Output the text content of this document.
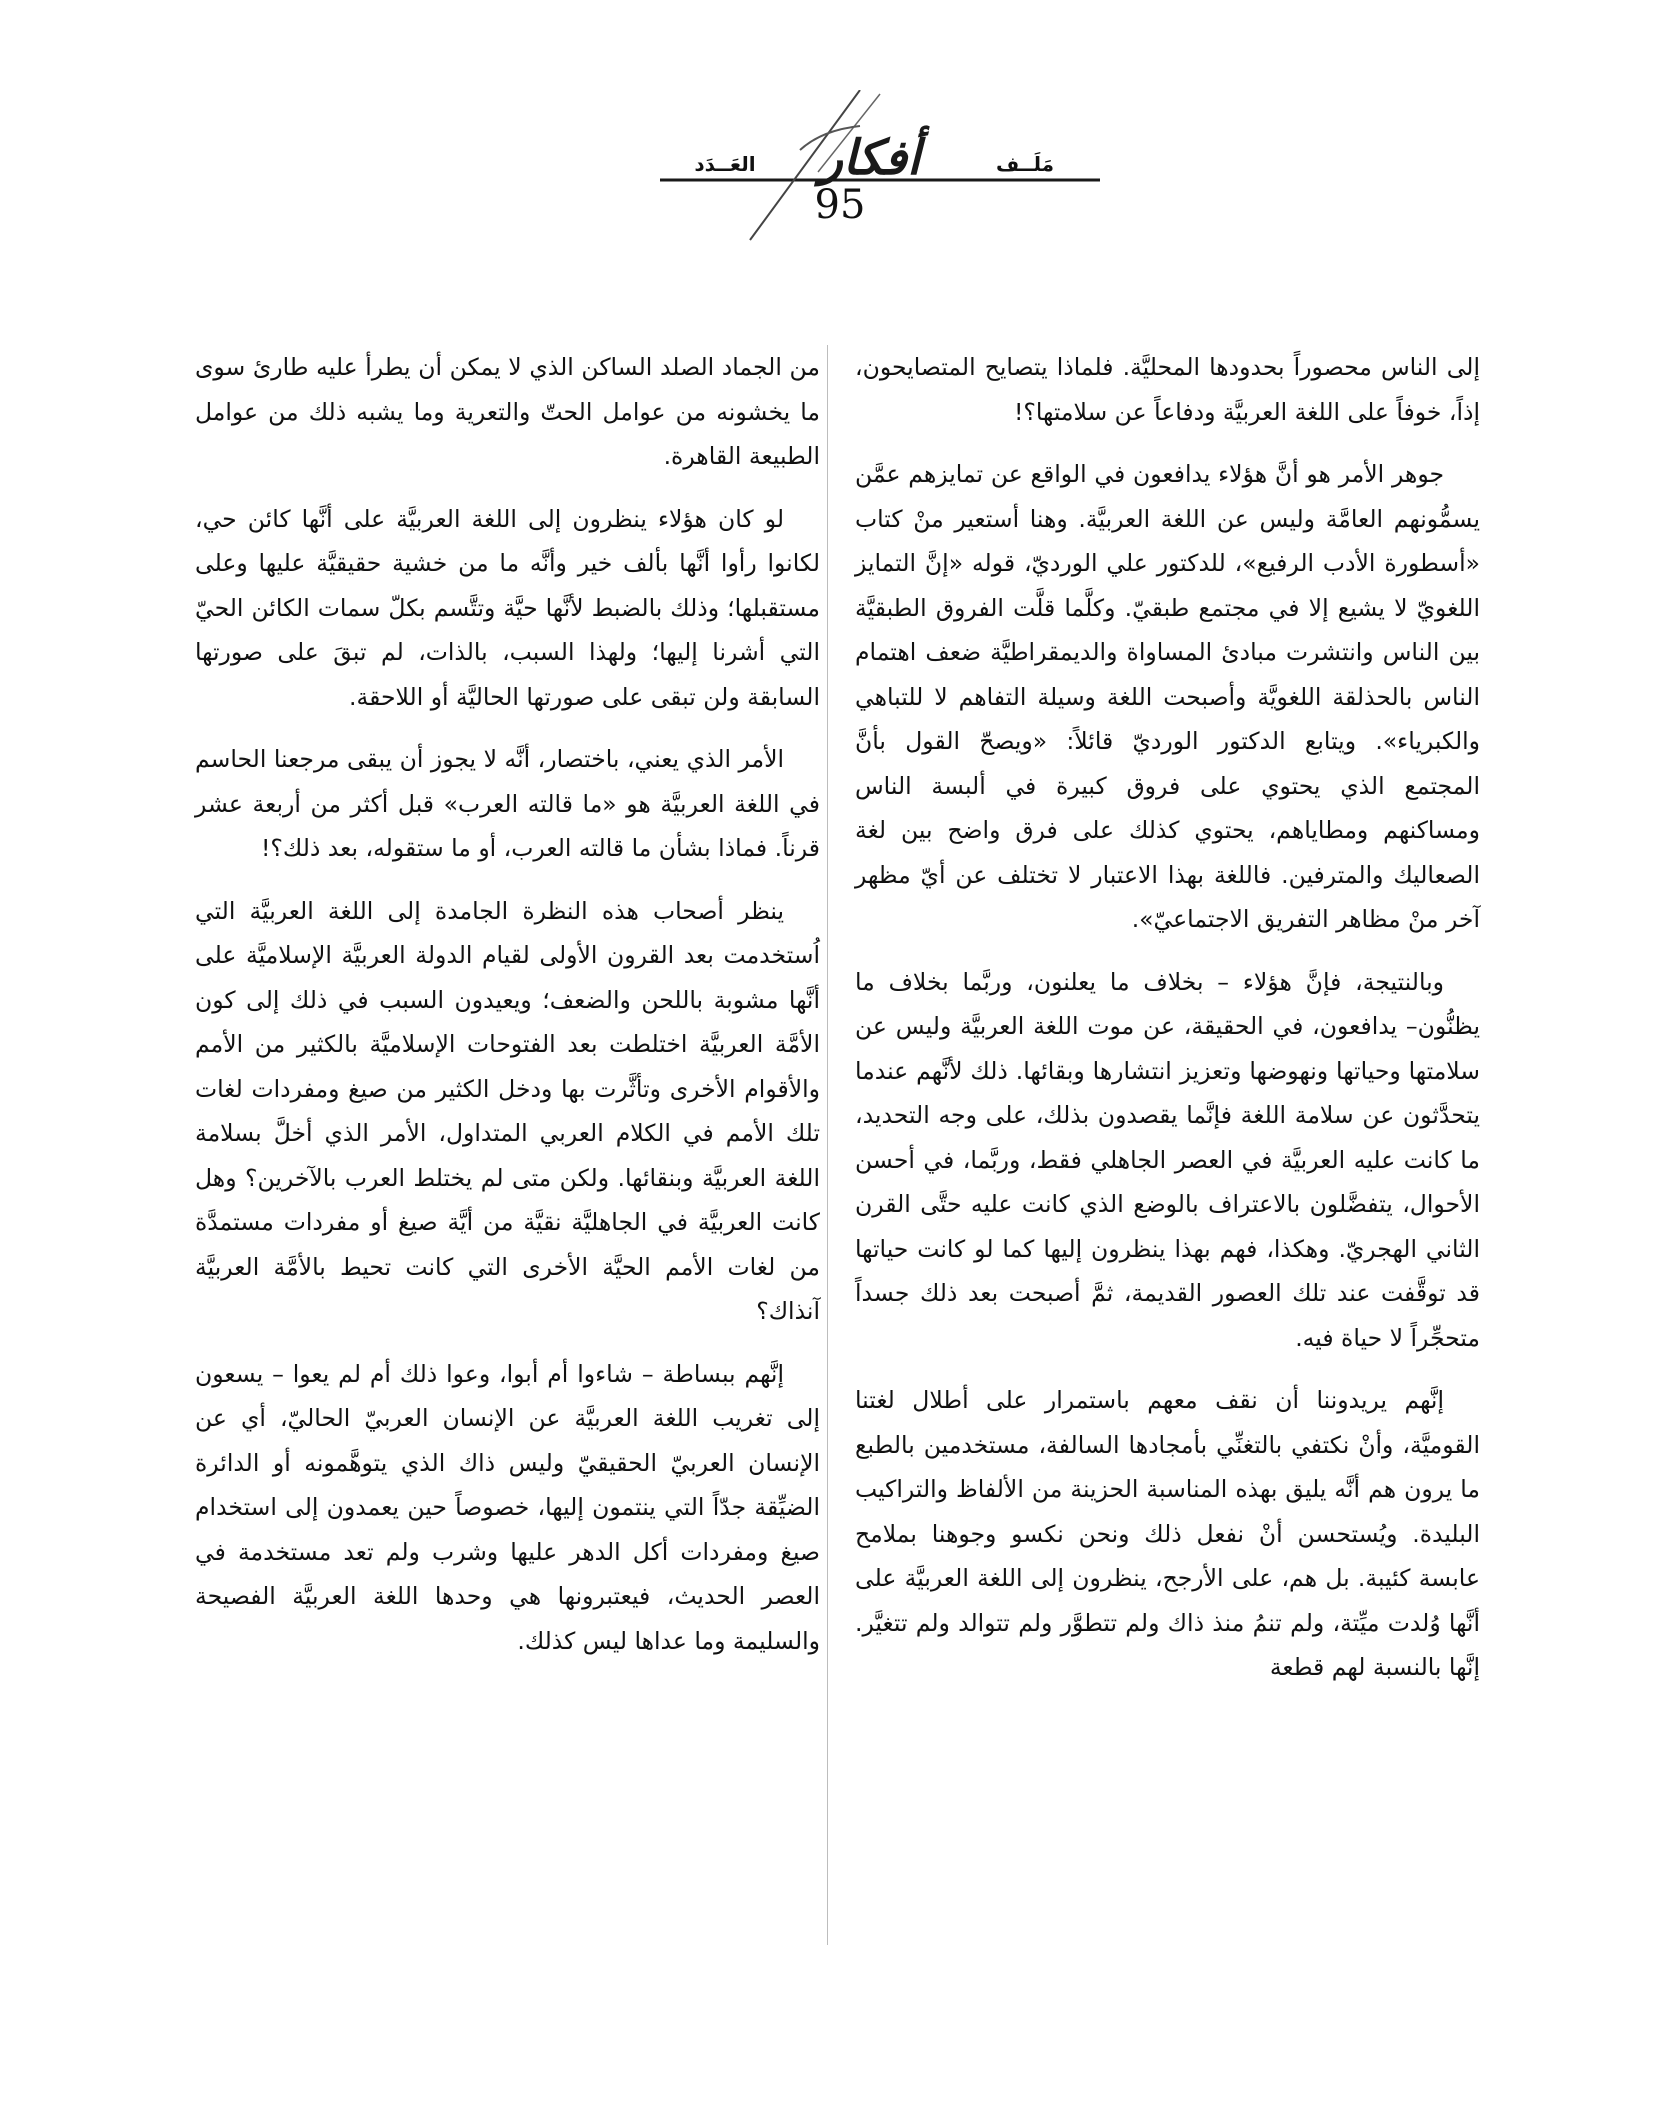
أفكار	مَلَــف
العَــدَد
95

إلى الناس محصوراً بحدودها المحليَّة. فلماذا يتصايح المتصايحون، إذاً، خوفاً على اللغة العربيَّة ودفاعاً عن سلامتها؟!

جوهر الأمر هو أنَّ هؤلاء يدافعون في الواقع عن تمايزهم عمَّن يسمُّونهم العامَّة وليس عن اللغة العربيَّة. وهنا أستعير منْ كتاب «أسطورة الأدب الرفيع»، للدكتور علي الورديّ، قوله «إنَّ التمايز اللغويّ لا يشيع إلا في مجتمع طبقيّ. وكلَّما قلَّت الفروق الطبقيَّة بين الناس وانتشرت مبادئ المساواة والديمقراطيَّة ضعف اهتمام الناس بالحذلقة اللغويَّة وأصبحت اللغة وسيلة التفاهم لا للتباهي والكبرياء». ويتابع الدكتور الورديّ قائلاً: «ويصحّ القول بأنَّ المجتمع الذي يحتوي على فروق كبيرة في ألبسة الناس ومساكنهم ومطاياهم، يحتوي كذلك على فرق واضح بين لغة الصعاليك والمترفين. فاللغة بهذا الاعتبار لا تختلف عن أيّ مظهر آخر منْ مظاهر التفريق الاجتماعيّ».

وبالنتيجة، فإنَّ هؤلاء – بخلاف ما يعلنون، وربَّما بخلاف ما يظنُّون– يدافعون، في الحقيقة، عن موت اللغة العربيَّة وليس عن سلامتها وحياتها ونهوضها وتعزيز انتشارها وبقائها. ذلك لأنَّهم عندما يتحدَّثون عن سلامة اللغة فإنَّما يقصدون بذلك، على وجه التحديد، ما كانت عليه العربيَّة في العصر الجاهلي فقط، وربَّما، في أحسن الأحوال، يتفضَّلون بالاعتراف بالوضع الذي كانت عليه حتَّى القرن الثاني الهجريّ. وهكذا، فهم بهذا ينظرون إليها كما لو كانت حياتها قد توقَّفت عند تلك العصور القديمة، ثمَّ أصبحت بعد ذلك جسداً متحجِّراً لا حياة فيه.

إنَّهم يريدوننا أن نقف معهم باستمرار على أطلال لغتنا القوميَّة، وأنْ نكتفي بالتغنِّي بأمجادها السالفة، مستخدمين بالطبع ما يرون هم أنَّه يليق بهذه المناسبة الحزينة من الألفاظ والتراكيب البليدة. ويُستحسن أنْ نفعل ذلك ونحن نكسو وجوهنا بملامح عابسة كئيبة. بل هم، على الأرجح، ينظرون إلى اللغة العربيَّة على أنَّها وُلدت ميِّتة، ولم تنمُ منذ ذاك ولم تتطوَّر ولم تتوالد ولم تتغيَّر. إنَّها بالنسبة لهم قطعة

من الجماد الصلد الساكن الذي لا يمكن أن يطرأ عليه طارئ سوى ما يخشونه من عوامل الحتّ والتعرية وما يشبه ذلك من عوامل الطبيعة القاهرة.

لو كان هؤلاء ينظرون إلى اللغة العربيَّة على أنَّها كائن حي، لكانوا رأوا أنَّها بألف خير وأنَّه ما من خشية حقيقيَّة عليها وعلى مستقبلها؛ وذلك بالضبط لأنَّها حيَّة وتتَّسم بكلّ سمات الكائن الحيّ التي أشرنا إليها؛ ولهذا السبب، بالذات، لم تبقَ على صورتها السابقة ولن تبقى على صورتها الحاليَّة أو اللاحقة.

الأمر الذي يعني، باختصار، أنَّه لا يجوز أن يبقى مرجعنا الحاسم في اللغة العربيَّة هو «ما قالته العرب» قبل أكثر من أربعة عشر قرناً. فماذا بشأن ما قالته العرب، أو ما ستقوله، بعد ذلك؟!

ينظر أصحاب هذه النظرة الجامدة إلى اللغة العربيَّة التي اُستخدمت بعد القرون الأولى لقيام الدولة العربيَّة الإسلاميَّة على أنَّها مشوبة باللحن والضعف؛ ويعيدون السبب في ذلك إلى كون الأمَّة العربيَّة اختلطت بعد الفتوحات الإسلاميَّة بالكثير من الأمم والأقوام الأخرى وتأثَّرت بها ودخل الكثير من صيغ ومفردات لغات تلك الأمم في الكلام العربي المتداول، الأمر الذي أخلَّ بسلامة اللغة العربيَّة وبنقائها. ولكن متى لم يختلط العرب بالآخرين؟ وهل كانت العربيَّة في الجاهليَّة نقيَّة من أيَّة صيغ أو مفردات مستمدَّة من لغات الأمم الحيَّة الأخرى التي كانت تحيط بالأمَّة العربيَّة آنذاك؟

إنَّهم ببساطة – شاءوا أم أبوا، وعوا ذلك أم لم يعوا – يسعون إلى تغريب اللغة العربيَّة عن الإنسان العربيّ الحاليّ، أي عن الإنسان العربيّ الحقيقيّ وليس ذاك الذي يتوهَّمونه أو الدائرة الضيِّقة جدّاً التي ينتمون إليها، خصوصاً حين يعمدون إلى استخدام صيغ ومفردات أكل الدهر عليها وشرب ولم تعد مستخدمة في العصر الحديث، فيعتبرونها هي وحدها اللغة العربيَّة الفصيحة والسليمة وما عداها ليس كذلك.
